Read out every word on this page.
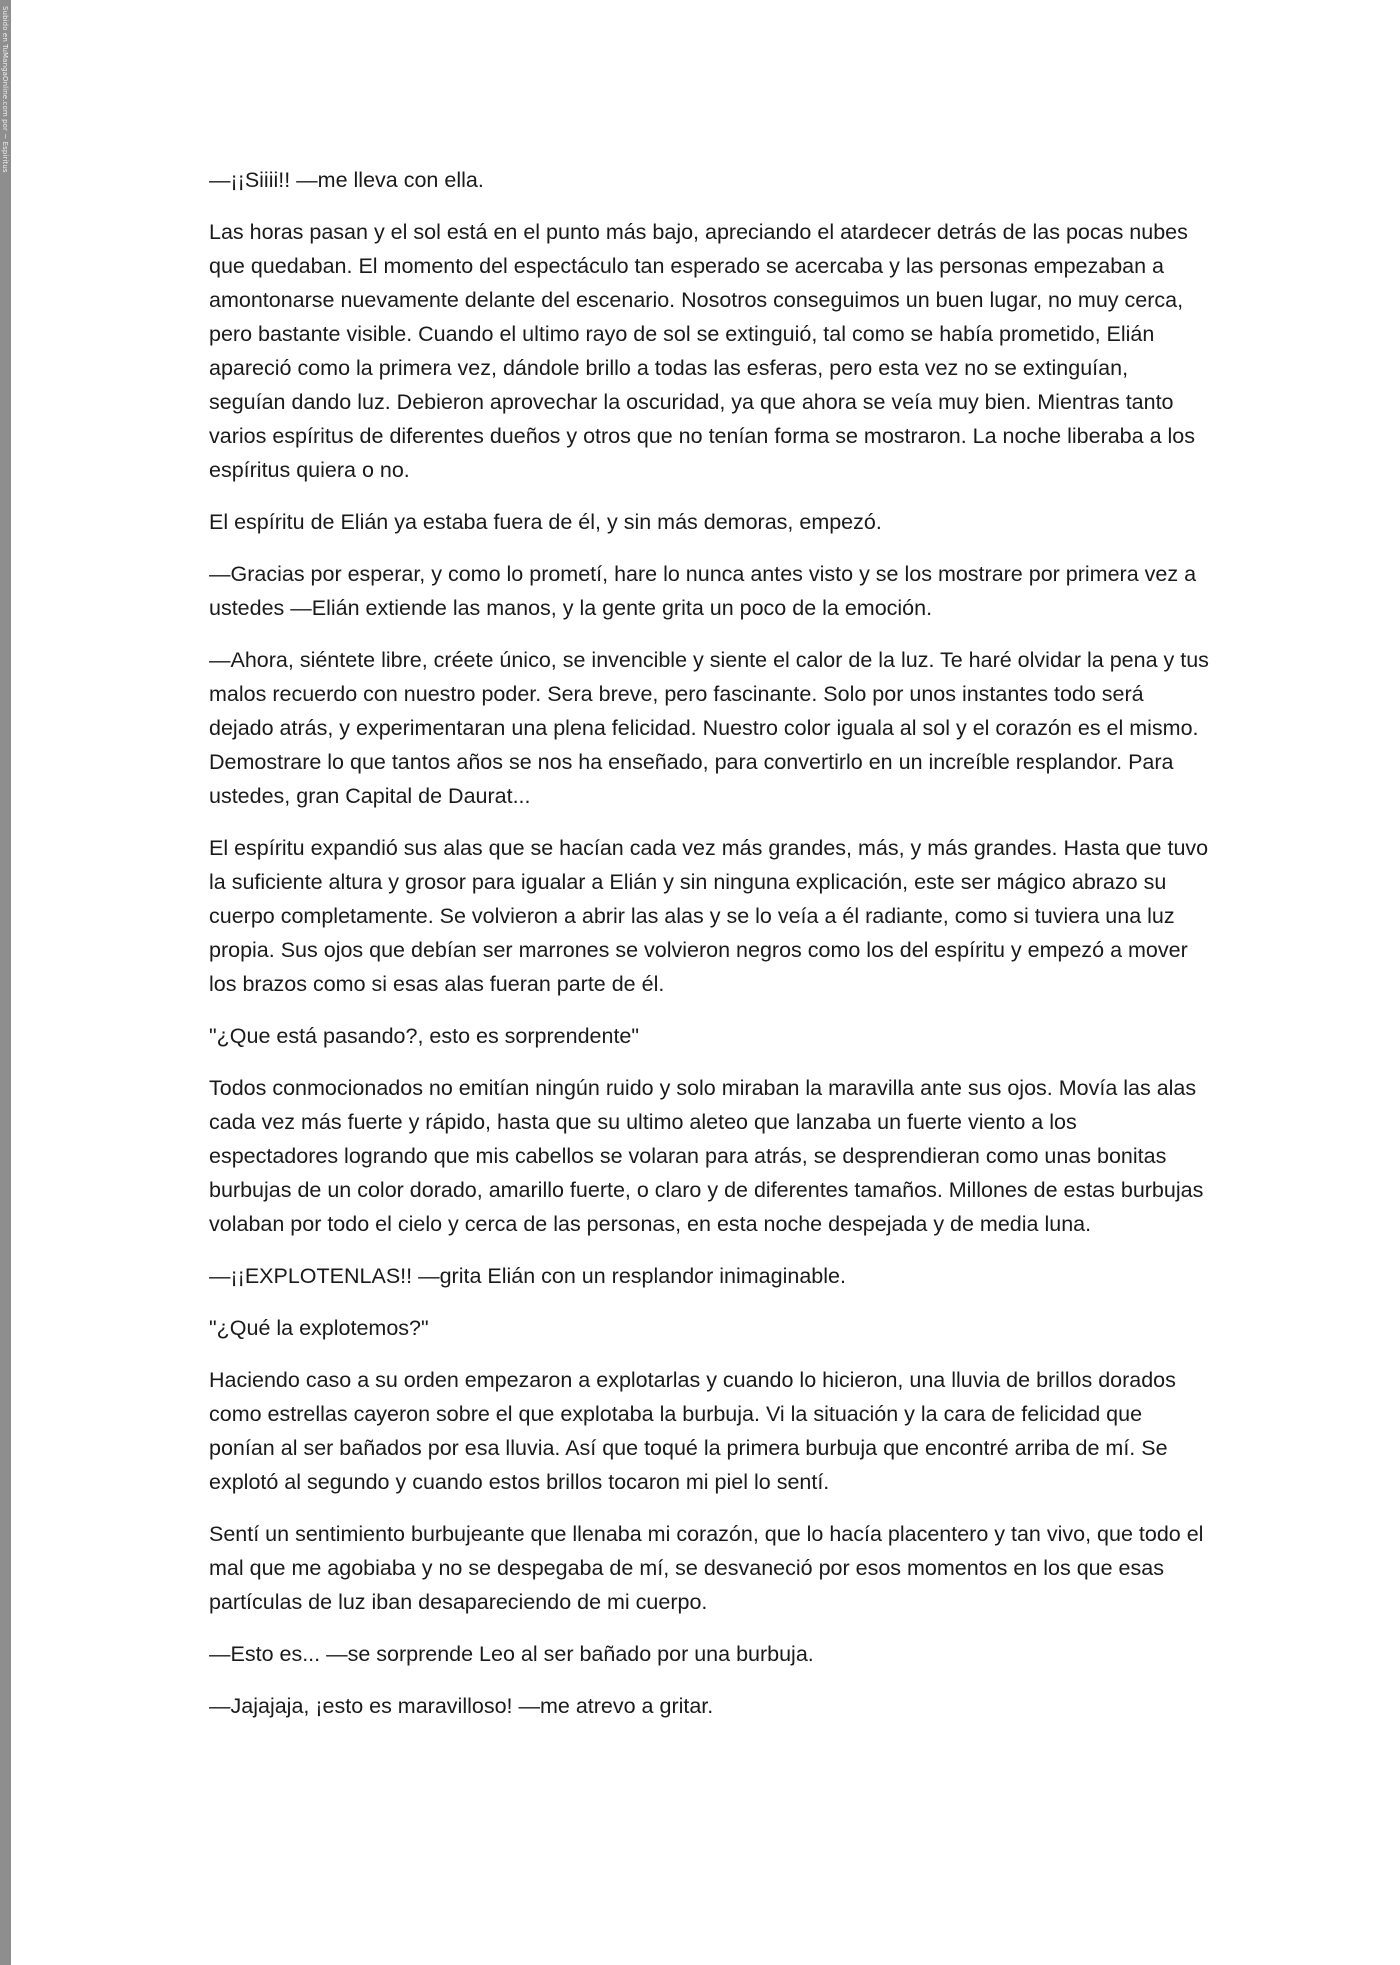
Subido en TuMangaOnline.com por ~ Espiritus

—¡¡Siiii!! —me lleva con ella.

Las horas pasan y el sol está en el punto más bajo, apreciando el atardecer detrás de las pocas nubes que quedaban. El momento del espectáculo tan esperado se acercaba y las personas empezaban a amontonarse nuevamente delante del escenario. Nosotros conseguimos un buen lugar, no muy cerca, pero bastante visible. Cuando el ultimo rayo de sol se extinguió, tal como se había prometido, Elián apareció como la primera vez, dándole brillo a todas las esferas, pero esta vez no se extinguían, seguían dando luz. Debieron aprovechar la oscuridad, ya que ahora se veía muy bien. Mientras tanto varios espíritus de diferentes dueños y otros que no tenían forma se mostraron. La noche liberaba a los espíritus quiera o no.

El espíritu de Elián ya estaba fuera de él, y sin más demoras, empezó.

—Gracias por esperar, y como lo prometí, hare lo nunca antes visto y se los mostrare por primera vez a ustedes —Elián extiende las manos, y la gente grita un poco de la emoción.

—Ahora, siéntete libre, créete único, se invencible y siente el calor de la luz. Te haré olvidar la pena y tus malos recuerdo con nuestro poder. Sera breve, pero fascinante. Solo por unos instantes todo será dejado atrás, y experimentaran una plena felicidad. Nuestro color iguala al sol y el corazón es el mismo. Demostrare lo que tantos años se nos ha enseñado, para convertirlo en un increíble resplandor. Para ustedes, gran Capital de Daurat...

El espíritu expandió sus alas que se hacían cada vez más grandes, más, y más grandes. Hasta que tuvo la suficiente altura y grosor para igualar a Elián y sin ninguna explicación, este ser mágico abrazo su cuerpo completamente. Se volvieron a abrir las alas y se lo veía a él radiante, como si tuviera una luz propia. Sus ojos que debían ser marrones se volvieron negros como los del espíritu y empezó a mover los brazos como si esas alas fueran parte de él.

"¿Que está pasando?, esto es sorprendente"

Todos conmocionados no emitían ningún ruido y solo miraban la maravilla ante sus ojos. Movía las alas cada vez más fuerte y rápido, hasta que su ultimo aleteo que lanzaba un fuerte viento a los espectadores logrando que mis cabellos se volaran para atrás, se desprendieran como unas bonitas burbujas de un color dorado, amarillo fuerte, o claro y de diferentes tamaños. Millones de estas burbujas volaban por todo el cielo y cerca de las personas, en esta noche despejada y de media luna.

—¡¡EXPLOTENLAS!! —grita Elián con un resplandor inimaginable.

"¿Qué la explotemos?"

Haciendo caso a su orden empezaron a explotarlas y cuando lo hicieron, una lluvia de brillos dorados como estrellas cayeron sobre el que explotaba la burbuja. Vi la situación y la cara de felicidad que ponían al ser bañados por esa lluvia. Así que toqué la primera burbuja que encontré arriba de mí. Se explotó al segundo y cuando estos brillos tocaron mi piel lo sentí.

Sentí un sentimiento burbujeante que llenaba mi corazón, que lo hacía placentero y tan vivo, que todo el mal que me agobiaba y no se despegaba de mí, se desvaneció por esos momentos en los que esas partículas de luz iban desapareciendo de mi cuerpo.

—Esto es... —se sorprende Leo al ser bañado por una burbuja.

—Jajajaja, ¡esto es maravilloso! —me atrevo a gritar.
